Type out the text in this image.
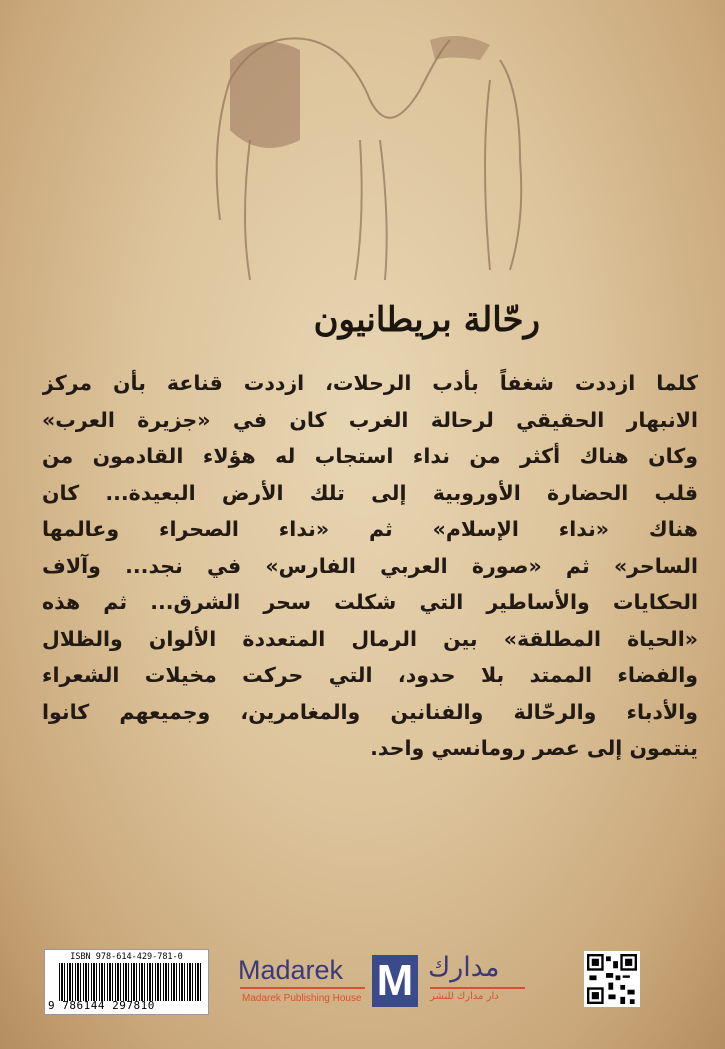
رحّالة بريطانيون
كلما ازددت شغفاً بأدب الرحلات، ازددت قناعة بأن مركز
الانبهار الحقيقي لرحالة الغرب كان في «جزيرة العرب»
وكان هناك أكثر من نداء استجاب له هؤلاء القادمون من
قلب الحضارة الأوروبية إلى تلك الأرض البعيدة... كان
هناك «نداء الإسلام» ثم «نداء الصحراء وعالمها
الساحر» ثم «صورة العربي الفارس» في نجد... وآلاف
الحكايات والأساطير التي شكلت سحر الشرق... ثم هذه
«الحياة المطلقة» بين الرمال المتعددة الألوان والظلال
والفضاء الممتد بلا حدود، التي حركت مخيلات الشعراء
والأدباء والرحّالة والفنانين والمغامرين، وجميعهم كانوا
ينتمون إلى عصر رومانسي واحد.
ISBN 978-614-429-781-0
9 786144 297810
Madarek
Madarek Publishing House M مدارك
دار مدارك للنشر
